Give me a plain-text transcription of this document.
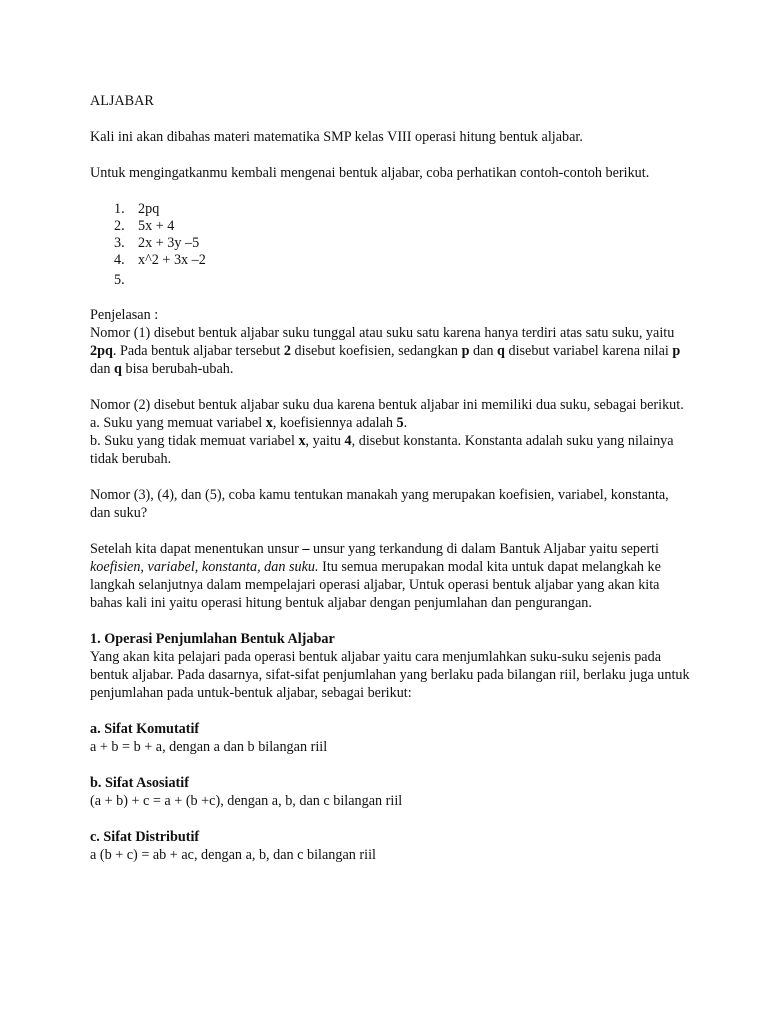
ALJABAR

Kali ini akan dibahas materi matematika SMP kelas VIII operasi hitung bentuk aljabar.

Untuk mengingatkanmu kembali mengenai bentuk aljabar, coba perhatikan contoh-contoh berikut.

1. 2pq
2. 5x + 4
3. 2x + 3y –5
4. x^2 + 3x –2
5.

Penjelasan :

Nomor (1) disebut bentuk aljabar suku tunggal atau suku satu karena hanya terdiri atas satu suku, yaitu 2pq. Pada bentuk aljabar tersebut 2 disebut koefisien, sedangkan p dan q disebut variabel karena nilai p dan q bisa berubah-ubah.

Nomor (2) disebut bentuk aljabar suku dua karena bentuk aljabar ini memiliki dua suku, sebagai berikut.

a. Suku yang memuat variabel x, koefisiennya adalah 5.

b. Suku yang tidak memuat variabel x, yaitu 4, disebut konstanta. Konstanta adalah suku yang nilainya tidak berubah.

Nomor (3), (4), dan (5), coba kamu tentukan manakah yang merupakan koefisien, variabel, konstanta, dan suku?

Setelah kita dapat menentukan unsur – unsur yang terkandung di dalam Bantuk Aljabar yaitu seperti koefisien, variabel, konstanta, dan suku. Itu semua merupakan modal kita untuk dapat melangkah ke langkah selanjutnya dalam mempelajari operasi aljabar, Untuk operasi bentuk aljabar yang akan kita bahas kali ini yaitu operasi hitung bentuk aljabar dengan penjumlahan dan pengurangan.

1. Operasi Penjumlahan Bentuk Aljabar

Yang akan kita pelajari pada operasi bentuk aljabar yaitu cara menjumlahkan suku-suku sejenis pada bentuk aljabar. Pada dasarnya, sifat-sifat penjumlahan yang berlaku pada bilangan riil, berlaku juga untuk penjumlahan pada untuk-bentuk aljabar, sebagai berikut:

a. Sifat Komutatif

a + b = b + a, dengan a dan b bilangan riil

b. Sifat Asosiatif

(a + b) + c = a + (b +c), dengan a, b, dan c bilangan riil

c. Sifat Distributif

a (b + c) = ab + ac, dengan a, b, dan c bilangan riil
